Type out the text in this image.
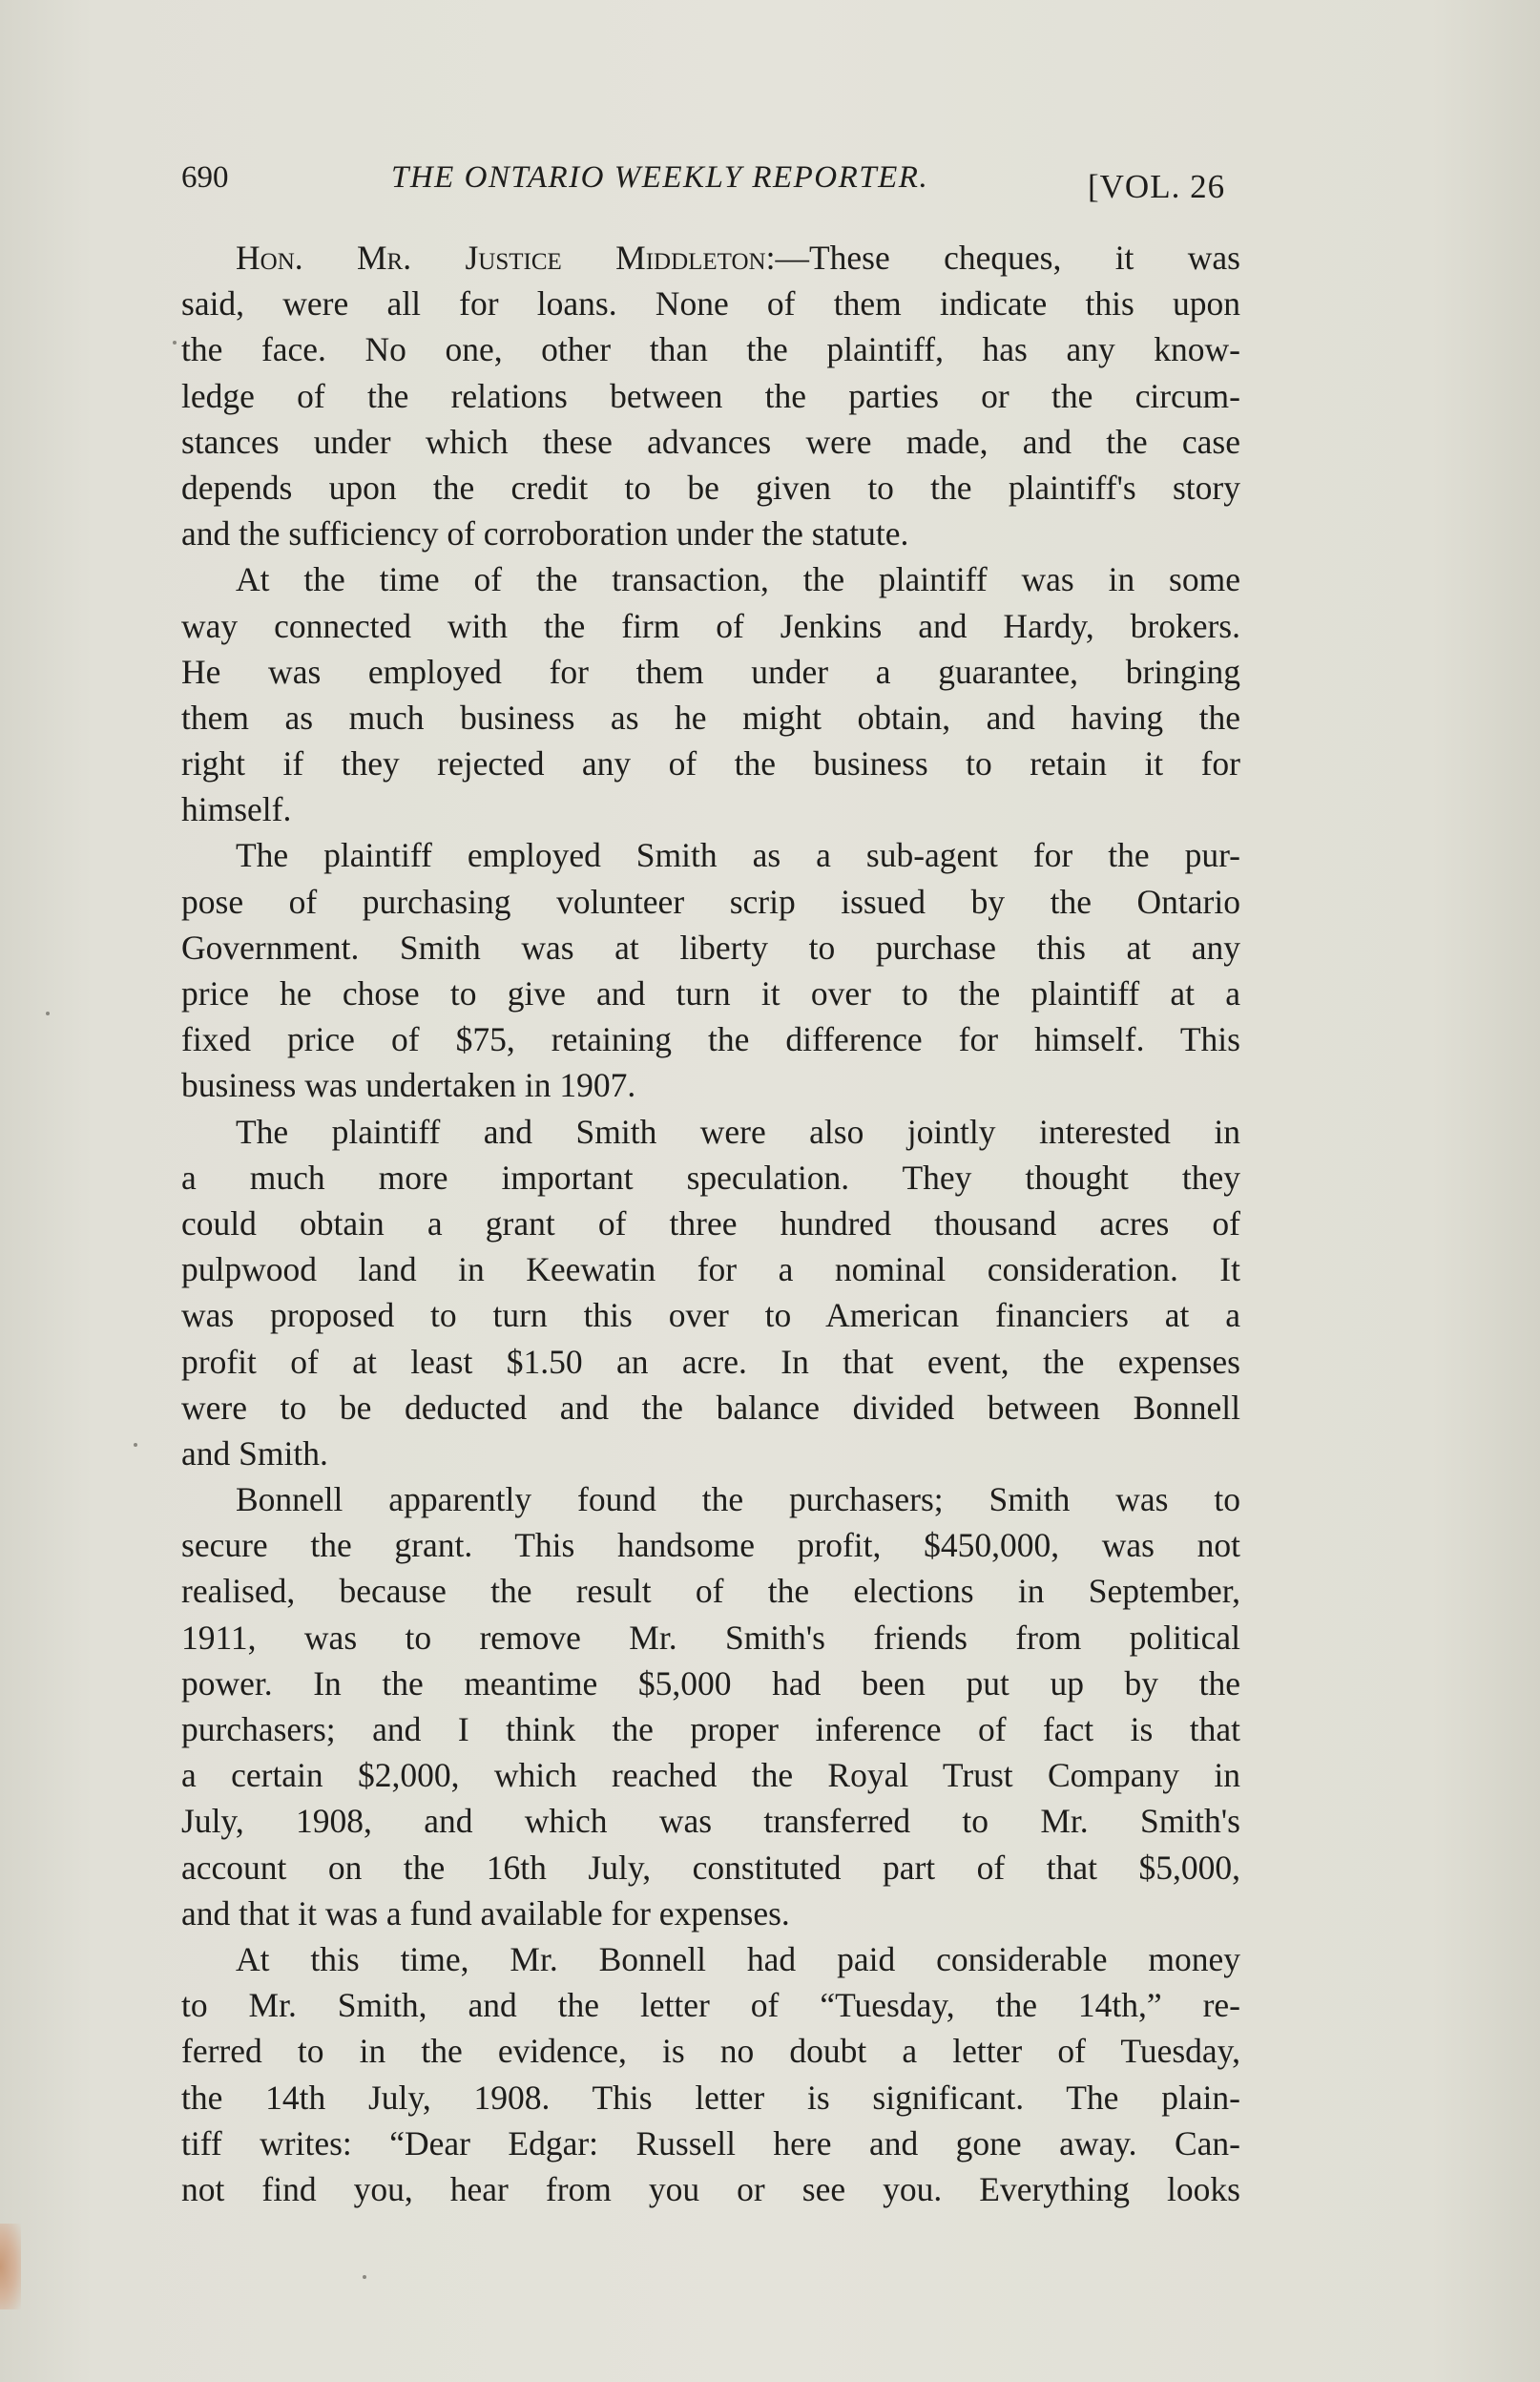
690	THE ONTARIO WEEKLY REPORTER.	[VOL. 26
Hon. Mr. Justice Middleton:—These cheques, it was
said, were all for loans. None of them indicate this upon
the face. No one, other than the plaintiff, has any know-
ledge of the relations between the parties or the circum-
stances under which these advances were made, and the case
depends upon the credit to be given to the plaintiff's story
and the sufficiency of corroboration under the statute.
At the time of the transaction, the plaintiff was in some
way connected with the firm of Jenkins and Hardy, brokers.
He was employed for them under a guarantee, bringing
them as much business as he might obtain, and having the
right if they rejected any of the business to retain it for
himself.
The plaintiff employed Smith as a sub-agent for the pur-
pose of purchasing volunteer scrip issued by the Ontario
Government. Smith was at liberty to purchase this at any
price he chose to give and turn it over to the plaintiff at a
fixed price of $75, retaining the difference for himself. This
business was undertaken in 1907.
The plaintiff and Smith were also jointly interested in
a much more important speculation. They thought they
could obtain a grant of three hundred thousand acres of
pulpwood land in Keewatin for a nominal consideration. It
was proposed to turn this over to American financiers at a
profit of at least $1.50 an acre. In that event, the expenses
were to be deducted and the balance divided between Bonnell
and Smith.
Bonnell apparently found the purchasers; Smith was to
secure the grant. This handsome profit, $450,000, was not
realised, because the result of the elections in September,
1911, was to remove Mr. Smith's friends from political
power. In the meantime $5,000 had been put up by the
purchasers; and I think the proper inference of fact is that
a certain $2,000, which reached the Royal Trust Company in
July, 1908, and which was transferred to Mr. Smith's
account on the 16th July, constituted part of that $5,000,
and that it was a fund available for expenses.
At this time, Mr. Bonnell had paid considerable money
to Mr. Smith, and the letter of “Tuesday, the 14th,” re-
ferred to in the evidence, is no doubt a letter of Tuesday,
the 14th July, 1908. This letter is significant. The plain-
tiff writes: “Dear Edgar: Russell here and gone away. Can-
not find you, hear from you or see you. Everything looks
